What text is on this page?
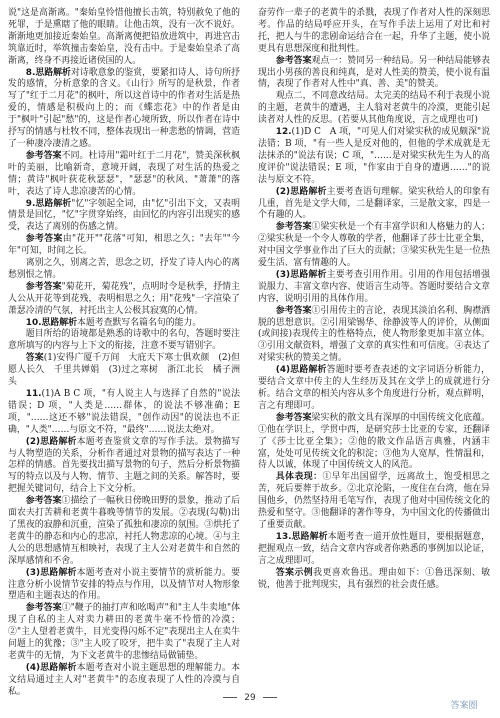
说"这是高渐离。"秦始皇怜惜他擅长击筑，特别赦免了他的死罪，于是熏瞎了他的眼睛。让他击筑，没有一次不说好。渐渐地更加接近秦始皇。高渐离便把铅放进筑中，再进宫击筑靠近时，举筑撞击秦始皇，没有击中。于是秦始皇杀了高渐离，终身不再接近诸侯国的人。

8.思路解析对诗歌意象的鉴赏，要紧扣诗人、诗句所抒发的感情，分析意象的含义。《山行》所写的是秋景，作者写了"红于二月花"的枫叶，所以这首诗中的作者对生活是热爱的，情感是积极向上的；而《蝶恋花》中的作者是由于"枫叶"引起"愁"的，这是作者心境所致，所以作者在诗中抒写的情感与杜牧不同，整体表现出一种悲愁的情调，营造了一种凄冷凄清之感。

参考答案不同。杜诗用"霜叶红于二月花"，赞美深秋枫叶的美丽，比喻新奇，意境开阔，表现了对生活的热爱之情；黄诗"枫叶荻花秋瑟瑟"，"瑟瑟"的秋风、"萧萧"的落叶，表达了诗人悲凉凄苦的心情。

9.思路解析"忆"字领起全词，由"忆"引出下文，又表明情景是回忆，"忆"字贯穿始终，由回忆的内容引出现实的感受，表达了离别的伤感之情。

参考答案由"花开""花落"可知，相思之久；"去年""今年"可知，时间之长。

离别之久，别离之苦，思念之切，抒发了诗人内心的离愁别恨之情。

参考答案"菊花开，菊花残"，点明时令是秋季，抒情主人公从开花等到花残，表明相思之久；用"花残"一字渲染了萧瑟冷清的气氛，衬托出主人公极其寂寞的心情。

10.思路解析本题考查默写名篇名句的能力。

题目所给的语境都是熟悉的诗歌中的名句，答题时要注意所填写的内容与上下文的衔接，注意不要写错别字。

答案(1)安得广厦千万间　大庇天下寒士俱欢颜　(2)但愿人长久　千里共婵娟　(3)过之寒树　浙江北长　橘子洲头

11.(1)A B C 项，"有人说主人与选择了自然的"说法错误；D 项，"人类是……群体，的说法不够准确；E 项，"……这还不够"说法错误，"创作动因"的说法也不正确，"人类"……与原文不符，"最终"……说法太绝对。

(2)思路解析本题考查鉴赏文章的写作手法。景物描写与人物塑造的关系，分析作者通过对景物的描写表达了一种怎样的情感。首先要找出描写景物的句子，然后分析景物描写的特点以及与人物、情节、主题之间的关系。解答时，要把握关键词句，结合上下文分析。

参考答案①描绘了一幅秋日傍晚田野的景象，推动了后面农夫打苦耕和老黄牛暮晚等情节的发展。②表现(勾勒)出了黑夜的寂静和沉重，渲染了孤独和凄凉的氛围。③烘托了老黄牛的静态和内心的悲凉，衬托人物悲凉的心境。④与主人公的思想感情互相映衬，表现了主人公对老黄牛和自然的深厚感情和不舍。

(3)思路解析本题考查对小说主要情节的赏析能力。要注意分析小说情节安排的特点与作用，以及情节对人物形象塑造和主题表达的作用。

参考答案①"鞭子的抽打声和吆喝声"和"主人牛卖地"体现了自私的主人对卖力耕田的老黄牛毫不怜惜的冷漠；②"主人望着老黄牛，目光变得闪烁不定"表现出主人在卖牛问题上的犹豫；③"主人咬了咬牙，把牛卖了"表现了主人对老黄牛的无情，为下文老黄牛的悲惨结局做铺垫。

(4)思路解析本题考查对小说主题思想的理解能力。本文结局通过主人对"老黄牛"的态度表现了人性的冷漠与自私。

奋劳作一辈子的老黄牛的杀戮，表现了作者对人性的深刻思考。作品的结局呼应开头，在写作手法上运用了对比和衬托，把人与牛的悲剧命运结合在一起，升华了主题，使小说更具有思想深度和批判性。

参考答案观点一：赞同另一种结局。另一种结局能够表现出小男孩的善良和纯真，是对人性美的赞美，使小说有温情，表现了作者对人性中"真、善、美"的赞美。

观点二，不同意改结局。太完美的结局不利于表现小说的主题，老黄牛的遭遇，主人翁对老黄牛的冷漠，更能引起读者对人性的反思。(若要从其他角度说，言之成理也可)

12.(1)D C　A 项，"可见人们对梁实秋的成见颇深"说法错；B 项，"有一些人是反对他的，但他的学术成就是无法抹杀的"说法有误；C 项，"……是对梁实秋先生为人的高度评价"说法错误；E 项，"作家由于自身的遭遇……"的说法与原文不符。

(2)思路解析主要考查语句理解。梁实秋给人的印象有几重，首先是文学大师，二是翻译家，三是散文家，四是一个有趣的人。

参考答案①梁实秋是一个有丰富学识和人格魅力的人；②梁实秋是一个令人尊敬的学者，他翻译了莎士比亚全集，对中国文学事业作出了巨大的贡献；③梁实秋先生是一位热爱生活、富有情趣的人。

(3)思路解析主要考查引用作用。引用的作用包括增强说服力、丰富文章内容、使语言生动等。答题时要结合文章内容，说明引用的具体作用。

参考答案①引用传主的言论，表现其淡泊名利、胸襟洒脱的思想意识。②引用梁锡华、徐静波等人的评价，从侧面(或间接)表现传主的性格特点，使人物形象更加丰富立体。③引用文献资料，增强了文章的真实性和可信度。④表达了对梁实秋的赞美之情。

(4)思路解析答题时要考查表述的文字词语分析能力，要结合文章中传主的人生经历及其在文学上的成就进行分析。结合文章的相关内容从多个角度进行分析，观点鲜明，言之有理即可。

参考答案梁实秋的散文具有深厚的中国传统文化底蕴。①他在学识上，学贯中西，是研究莎士比亚的专家，还翻译了《莎士比亚全集》；②他的散文作品语言典雅，内涵丰富，处处可见传统文化的积淀；③他为人宽厚，性情温和，待人以诚，体现了中国传统文人的风范。

具体表现：①早年出国留学，远离故土，饱受相思之苦，死后要葬于故乡。②北京沦陷，一度住在台湾，他在异国他乡，仍然坚持用毛笔写作，表现了他对中国传统文化的热爱和坚守。③他翻译的著作等身，为中国文化的传播做出了重要贡献。

13.思路解析本题考查一道开放性题目，要根据题意，把握观点一致，结合文章内容或者你熟悉的事例加以论证，言之成理即可。

答案示例我更喜欢鲁迅。理由如下：①鲁迅深刻、敏锐，他善于批判现实，具有强烈的社会责任感。

29
答案圈
